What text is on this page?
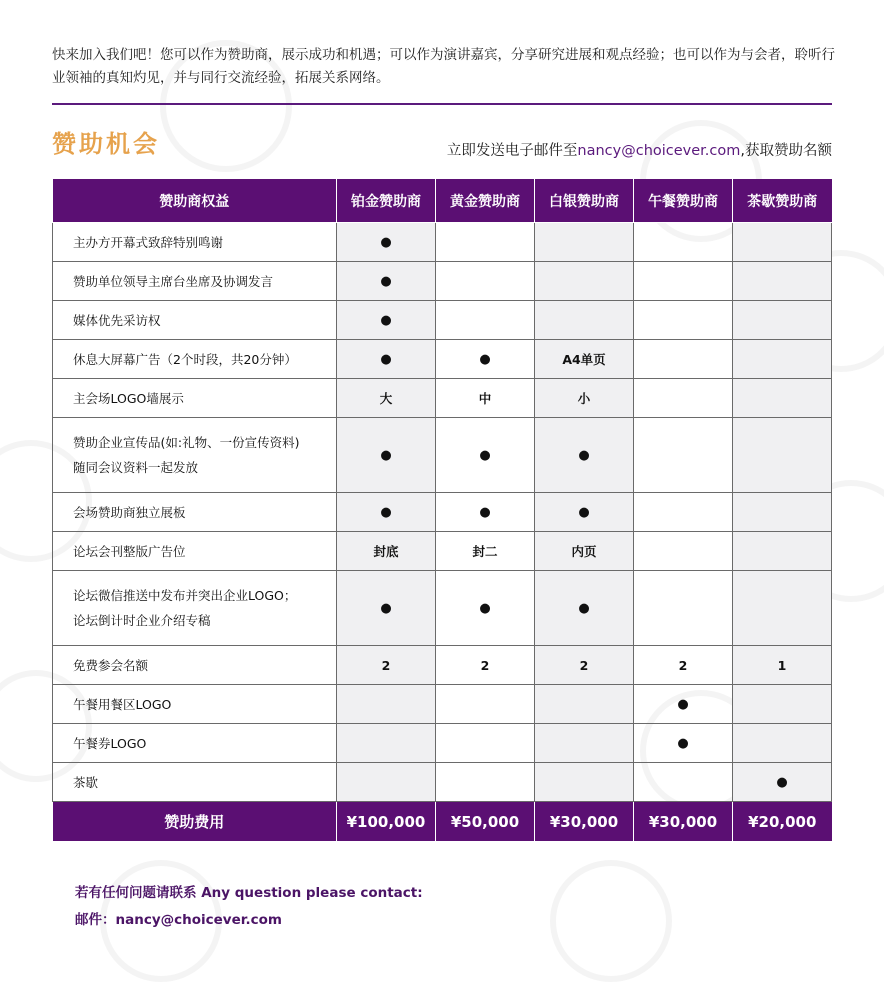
快来加入我们吧！您可以作为赞助商，展示成功和机遇；可以作为演讲嘉宾，分享研究进展和观点经验；也可以作为与会者，聆听行业领袖的真知灼见，并与同行交流经验，拓展关系网络。

赞助机会	立即发送电子邮件至nancy@choicever.com,获取赞助名额
赞助商权益	铂金赞助商	黄金赞助商	白银赞助商	午餐赞助商	茶歇赞助商

主办方开幕式致辞特别鸣谢	●				

赞助单位领导主席台坐席及协调发言	●				

媒体优先采访权	●				

休息大屏幕广告（2个时段，共20分钟）	●	●	A4单页		

主会场LOGO墙展示	大	中	小		

赞助企业宣传品(如:礼物、一份宣传资料)
随同会议资料一起发放	●	●	●		

会场赞助商独立展板	●	●	●		

论坛会刊整版广告位	封底	封二	内页		

论坛微信推送中发布并突出企业LOGO；
论坛倒计时企业介绍专稿	●	●	●		

免费参会名额	2	2	2	2	1

午餐用餐区LOGO				●	

午餐券LOGO				●	

茶歇					●
赞助费用	¥100,000	¥50,000	¥30,000	¥30,000	¥20,000
若有任何问题请联系 Any question please contact:
邮件：nancy@choicever.com
